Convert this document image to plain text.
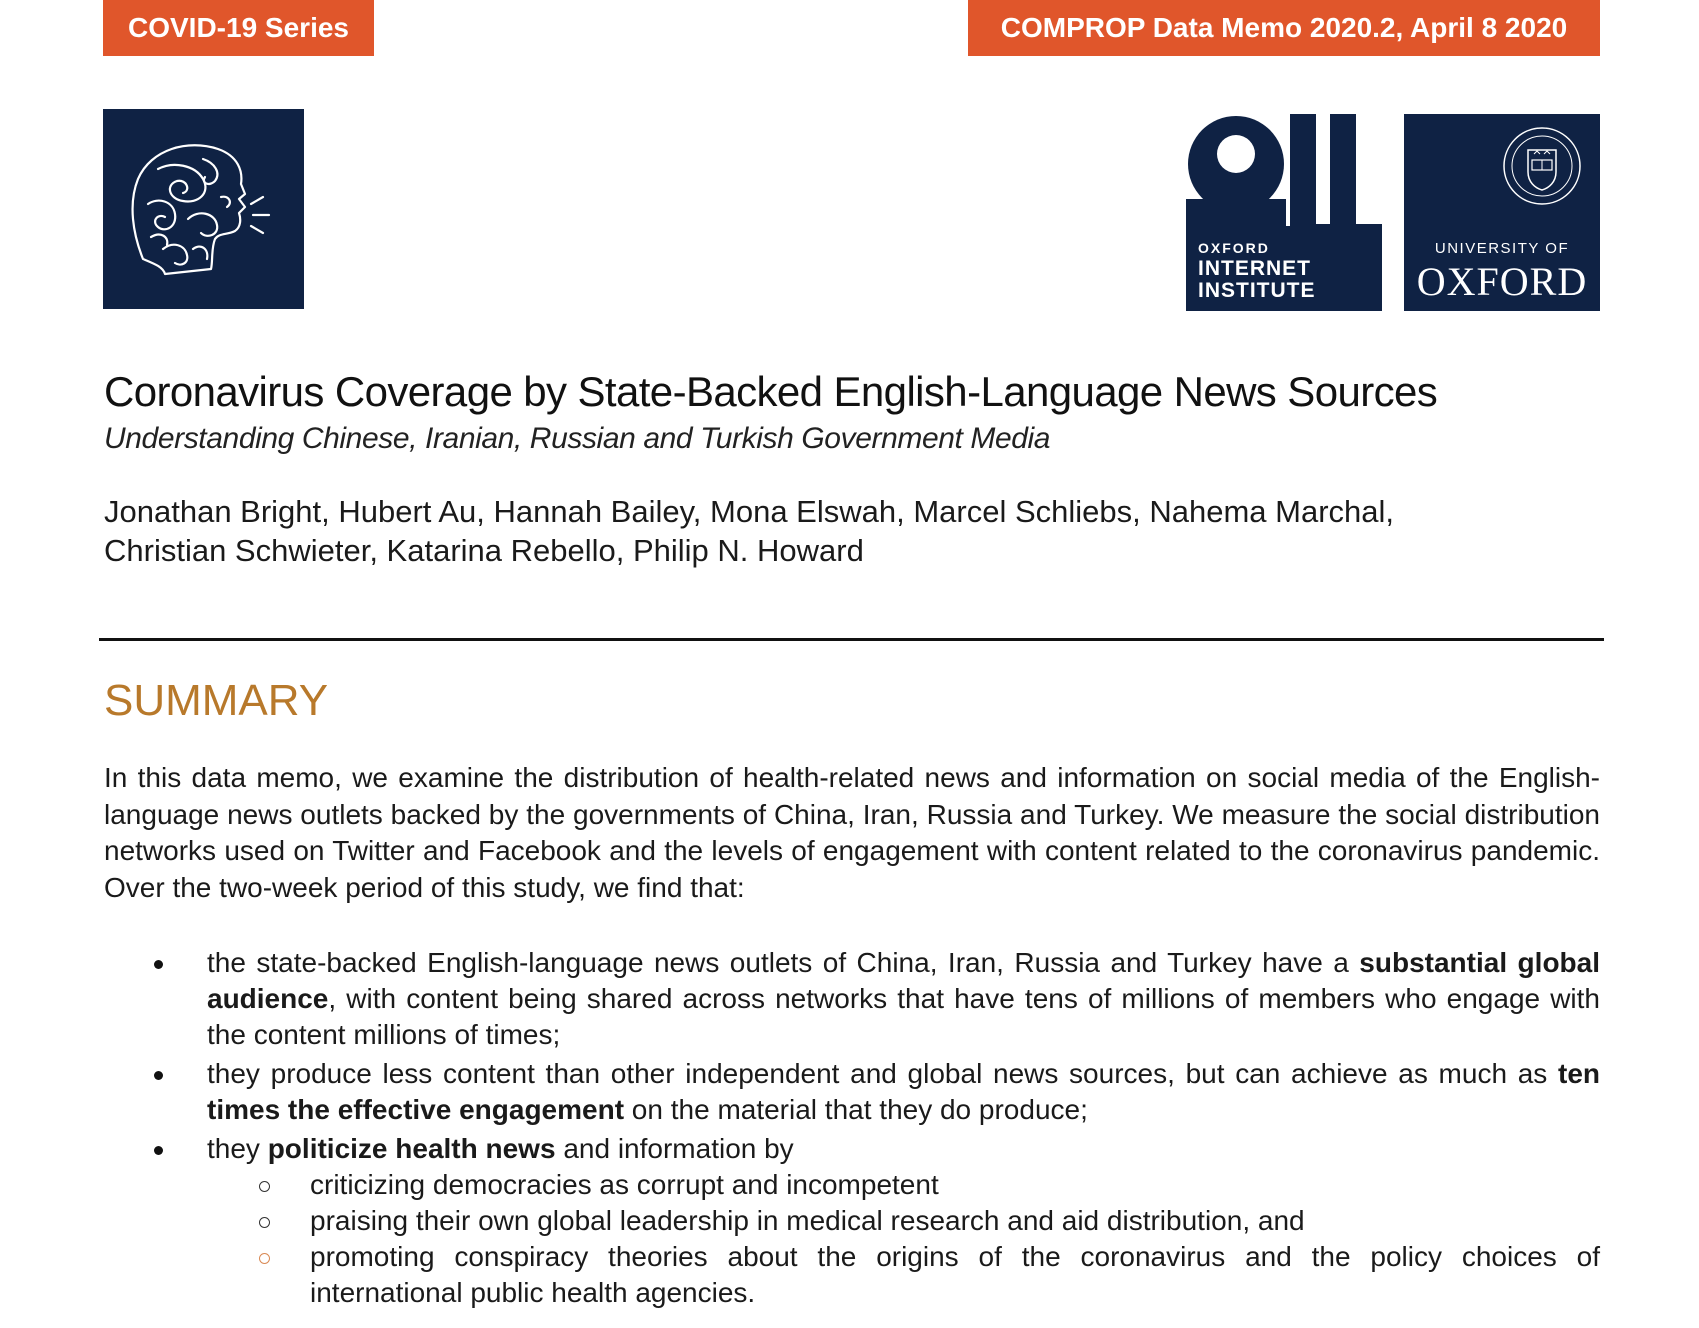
COVID-19 Series	COMPROP Data Memo 2020.2, April 8 2020
OXFORD
INTERNET
INSTITUTE
UNIVERSITY OF
OXFORD
Coronavirus Coverage by State-Backed English-Language News Sources
Understanding Chinese, Iranian, Russian and Turkish Government Media
Jonathan Bright, Hubert Au, Hannah Bailey, Mona Elswah, Marcel Schliebs, Nahema Marchal,
Christian Schwieter, Katarina Rebello, Philip N. Howard
SUMMARY

In this data memo, we examine the distribution of health-related news and information on social media of the English-language news outlets backed by the governments of China, Iran, Russia and Turkey. We measure the social distribution networks used on Twitter and Facebook and the levels of engagement with content related to the coronavirus pandemic. Over the two-week period of this study, we find that:

the state-backed English-language news outlets of China, Iran, Russia and Turkey have a substantial global audience, with content being shared across networks that have tens of millions of members who engage with the content millions of times;
they produce less content than other independent and global news sources, but can achieve as much as ten times the effective engagement on the material that they do produce;
they politicize health news and information by
criticizing democracies as corrupt and incompetent
praising their own global leadership in medical research and aid distribution, and
promoting conspiracy theories about the origins of the coronavirus and the policy choices of international public health agencies.
